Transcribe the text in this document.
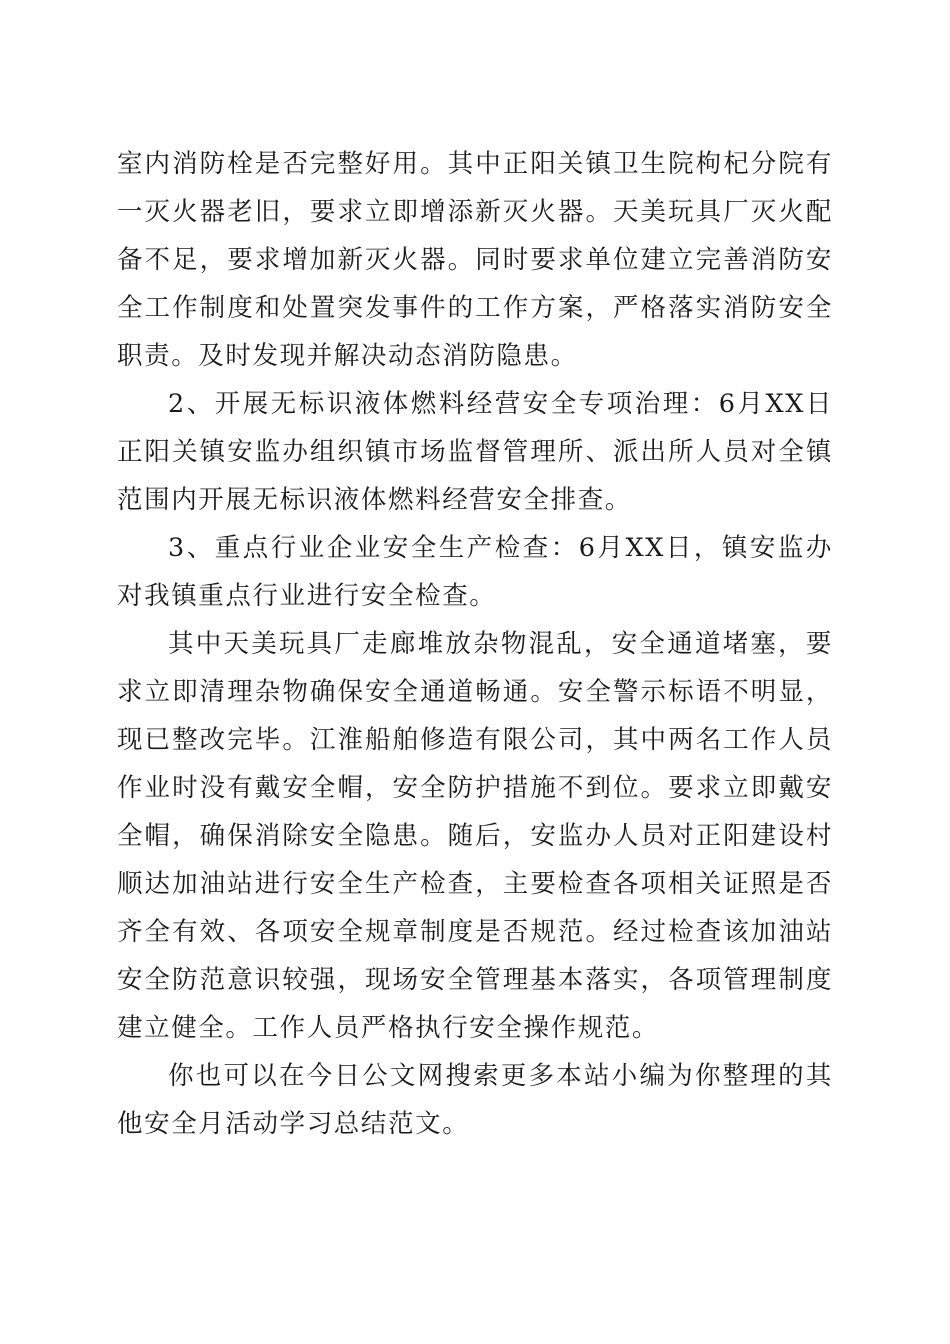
室内消防栓是否完整好用。其中正阳关镇卫生院枸杞分院有一灭火器老旧，要求立即增添新灭火器。天美玩具厂灭火配备不足，要求增加新灭火器。同时要求单位建立完善消防安全工作制度和处置突发事件的工作方案，严格落实消防安全职责。及时发现并解决动态消防隐患。

2、开展无标识液体燃料经营安全专项治理：6月XX日正阳关镇安监办组织镇市场监督管理所、派出所人员对全镇范围内开展无标识液体燃料经营安全排查。

3、重点行业企业安全生产检查：6月XX日，镇安监办对我镇重点行业进行安全检查。

其中天美玩具厂走廊堆放杂物混乱，安全通道堵塞，要求立即清理杂物确保安全通道畅通。安全警示标语不明显，现已整改完毕。江淮船舶修造有限公司，其中两名工作人员作业时没有戴安全帽，安全防护措施不到位。要求立即戴安全帽，确保消除安全隐患。随后，安监办人员对正阳建设村顺达加油站进行安全生产检查，主要检查各项相关证照是否齐全有效、各项安全规章制度是否规范。经过检查该加油站安全防范意识较强，现场安全管理基本落实，各项管理制度建立健全。工作人员严格执行安全操作规范。

你也可以在今日公文网搜索更多本站小编为你整理的其他安全月活动学习总结范文。
